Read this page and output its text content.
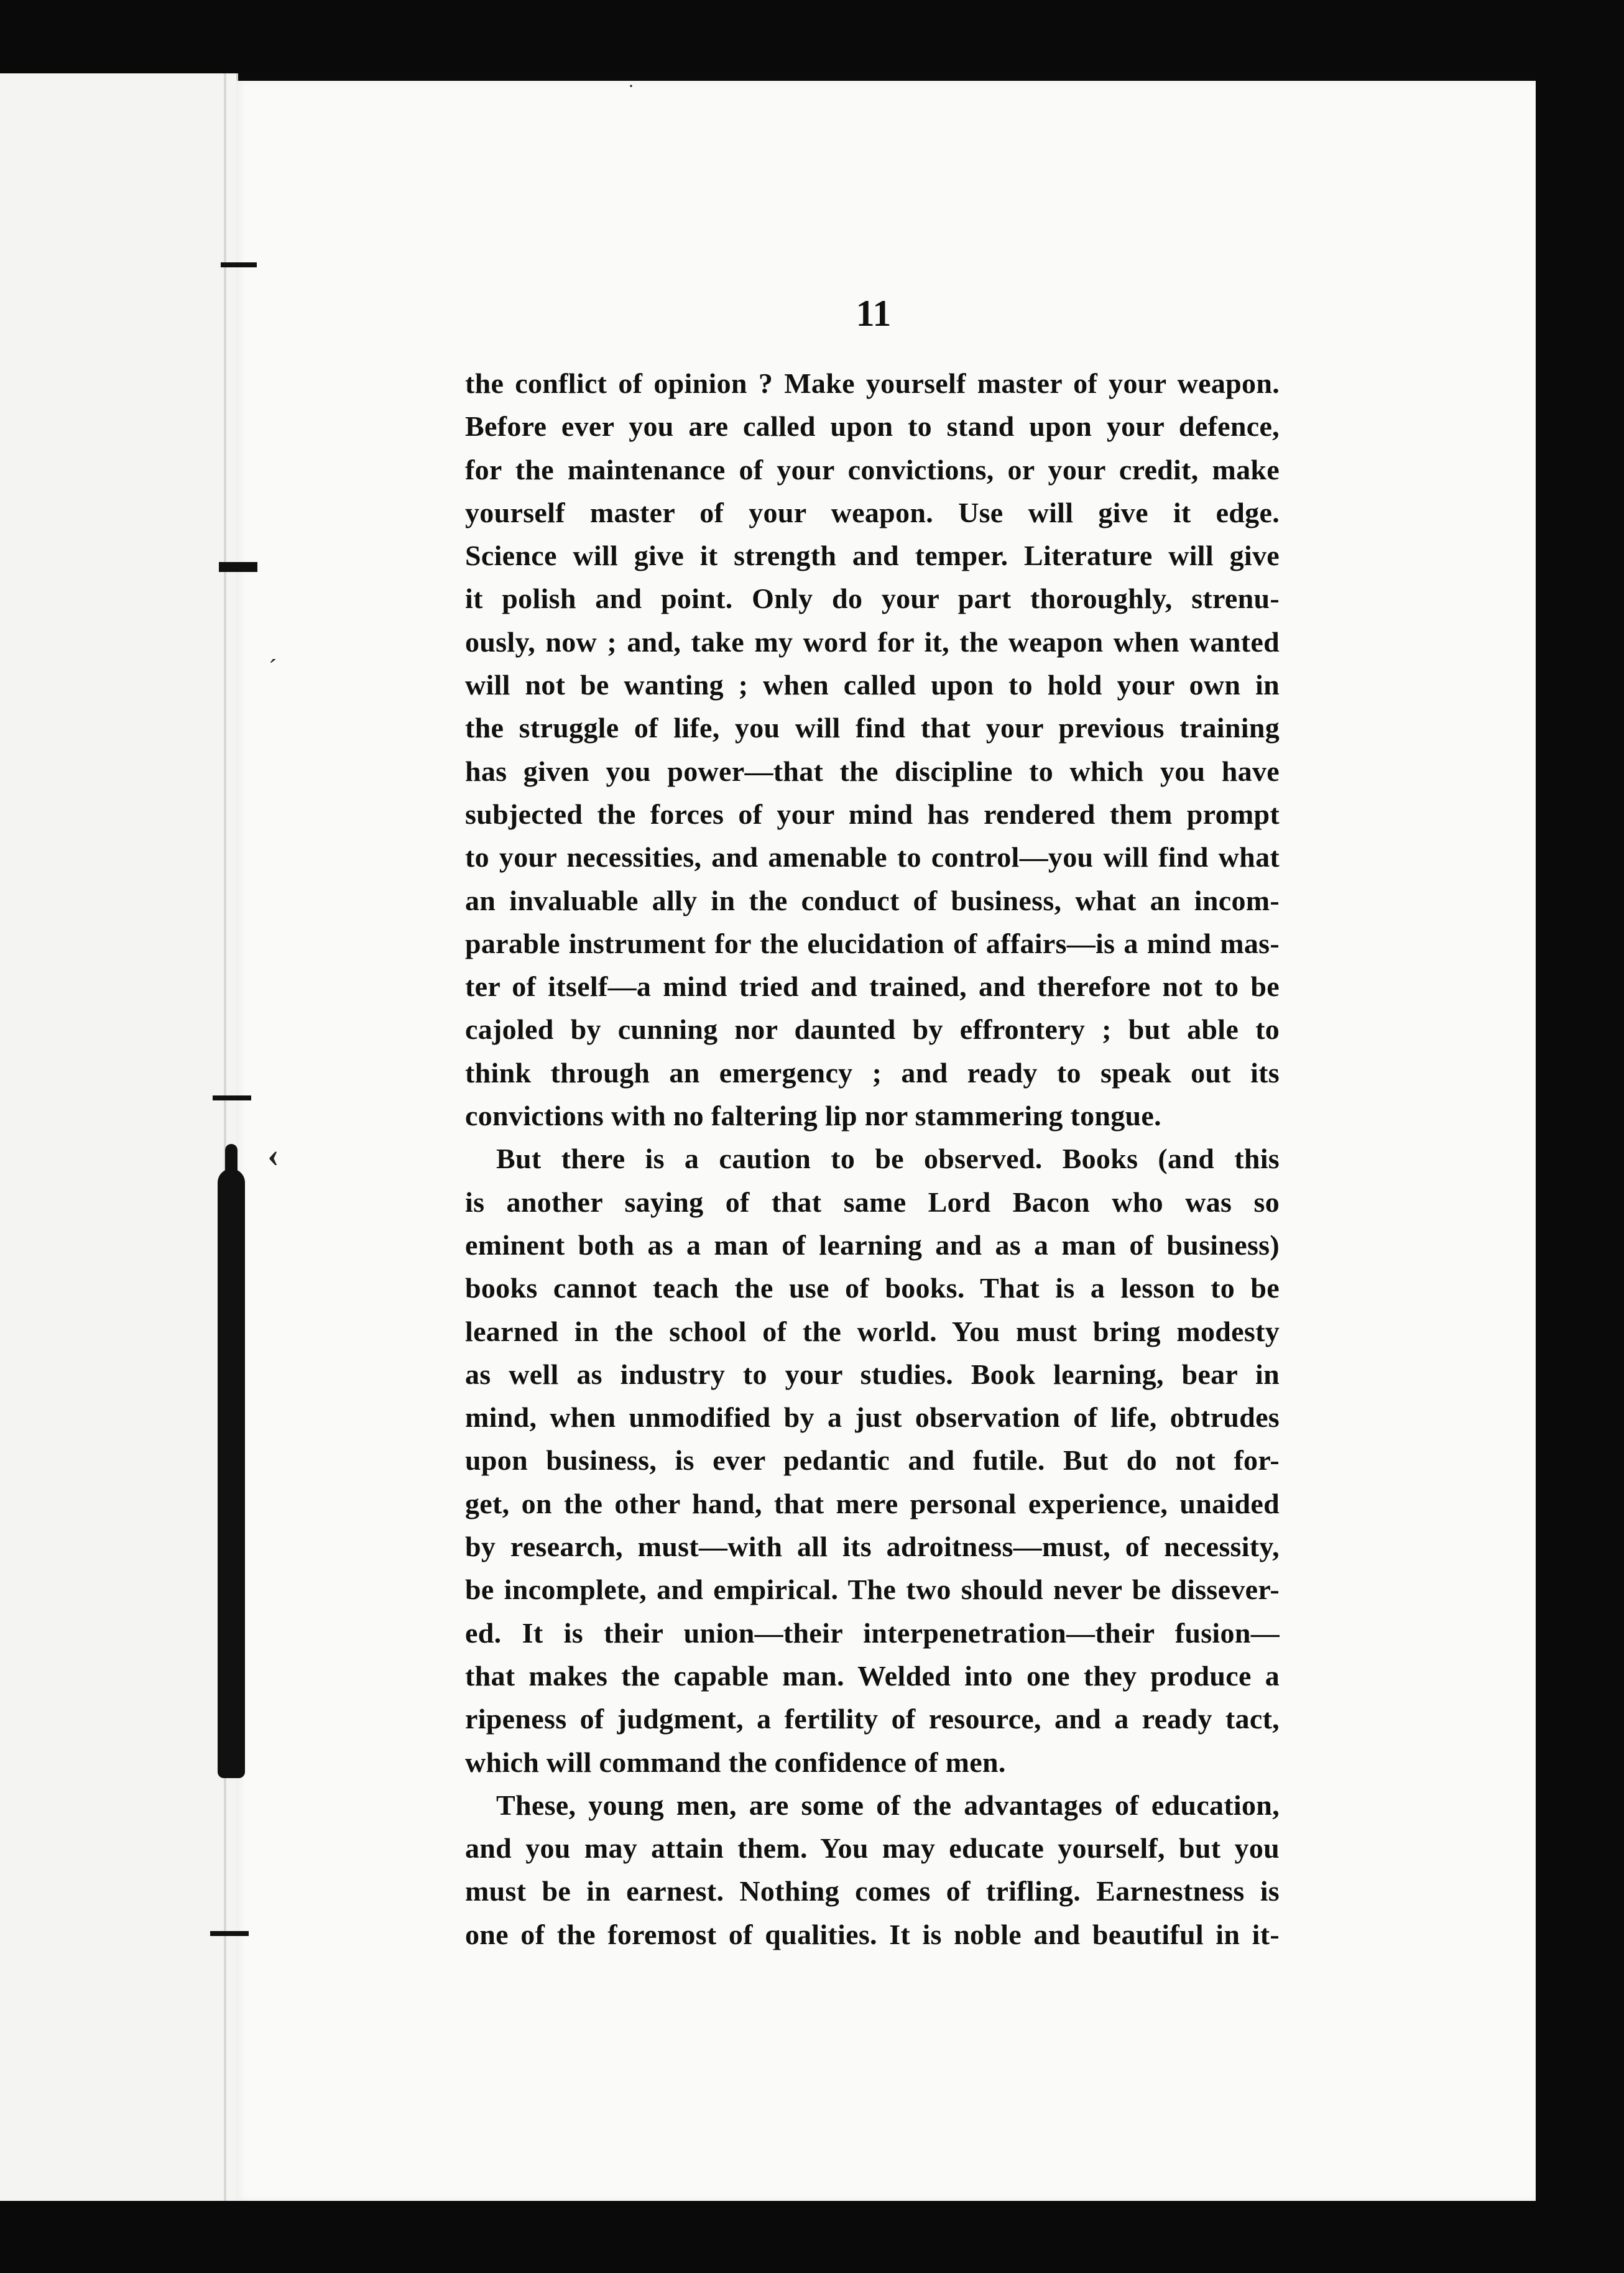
‹
ˊ
·
11
the conflict of opinion ? Make yourself master of your weapon.
Before ever you are called upon to stand upon your defence,
for the maintenance of your convictions, or your credit, make
yourself master of your weapon. Use will give it edge.
Science will give it strength and temper. Literature will give
it polish and point. Only do your part thoroughly, strenu-
ously, now ; and, take my word for it, the weapon when wanted
will not be wanting ; when called upon to hold your own in
the struggle of life, you will find that your previous training
has given you power—that the discipline to which you have
subjected the forces of your mind has rendered them prompt
to your necessities, and amenable to control—you will find what
an invaluable ally in the conduct of business, what an incom-
parable instrument for the elucidation of affairs—is a mind mas-
ter of itself—a mind tried and trained, and therefore not to be
cajoled by cunning nor daunted by effrontery ; but able to
think through an emergency ; and ready to speak out its
convictions with no faltering lip nor stammering tongue.
But there is a caution to be observed. Books (and this
is another saying of that same Lord Bacon who was so
eminent both as a man of learning and as a man of business)
books cannot teach the use of books. That is a lesson to be
learned in the school of the world. You must bring modesty
as well as industry to your studies. Book learning, bear in
mind, when unmodified by a just observation of life, obtrudes
upon business, is ever pedantic and futile. But do not for-
get, on the other hand, that mere personal experience, unaided
by research, must—with all its adroitness—must, of necessity,
be incomplete, and empirical. The two should never be dissever-
ed. It is their union—their interpenetration—their fusion—
that makes the capable man. Welded into one they produce a
ripeness of judgment, a fertility of resource, and a ready tact,
which will command the confidence of men.
These, young men, are some of the advantages of education,
and you may attain them. You may educate yourself, but you
must be in earnest. Nothing comes of trifling. Earnestness is
one of the foremost of qualities. It is noble and beautiful in it-
